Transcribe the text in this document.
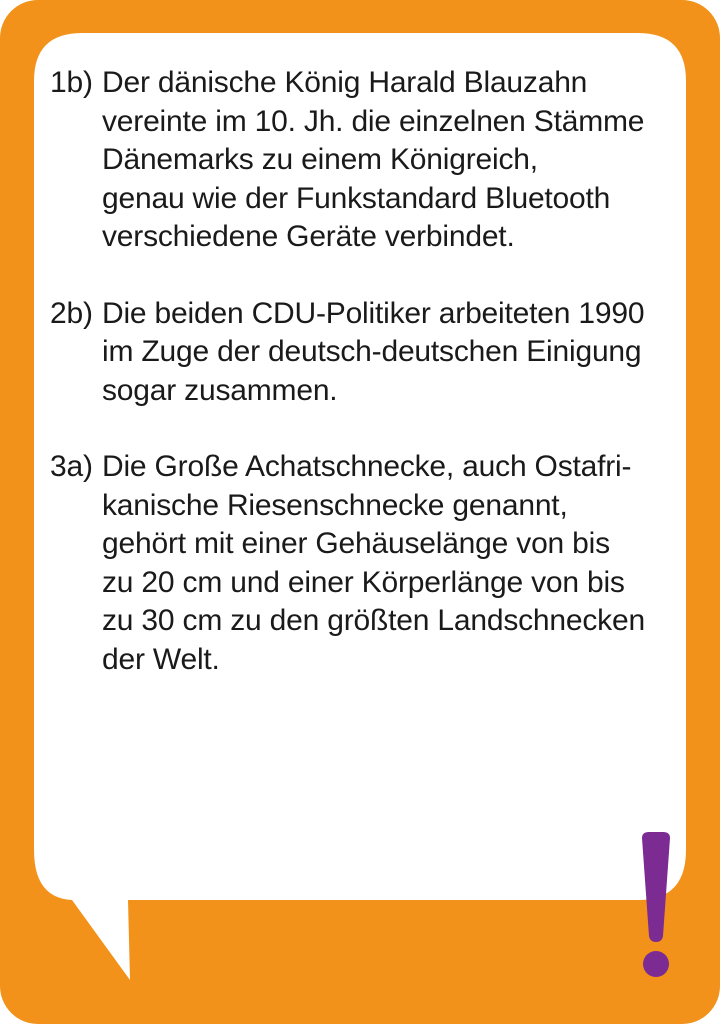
1b) Der dänische König Harald Blauzahn
vereinte im 10. Jh. die einzelnen Stämme
Dänemarks zu einem Königreich,
genau wie der Funkstandard Bluetooth
verschiedene Geräte verbindet.
2b) Die beiden CDU-Politiker arbeiteten 1990
im Zuge der deutsch-deutschen Einigung
sogar zusammen.
3a) Die Große Achatschnecke, auch Ostafri-
kanische Riesenschnecke genannt,
gehört mit einer Gehäuselänge von bis
zu 20 cm und einer Körperlänge von bis
zu 30 cm zu den größten Landschnecken
der Welt.
